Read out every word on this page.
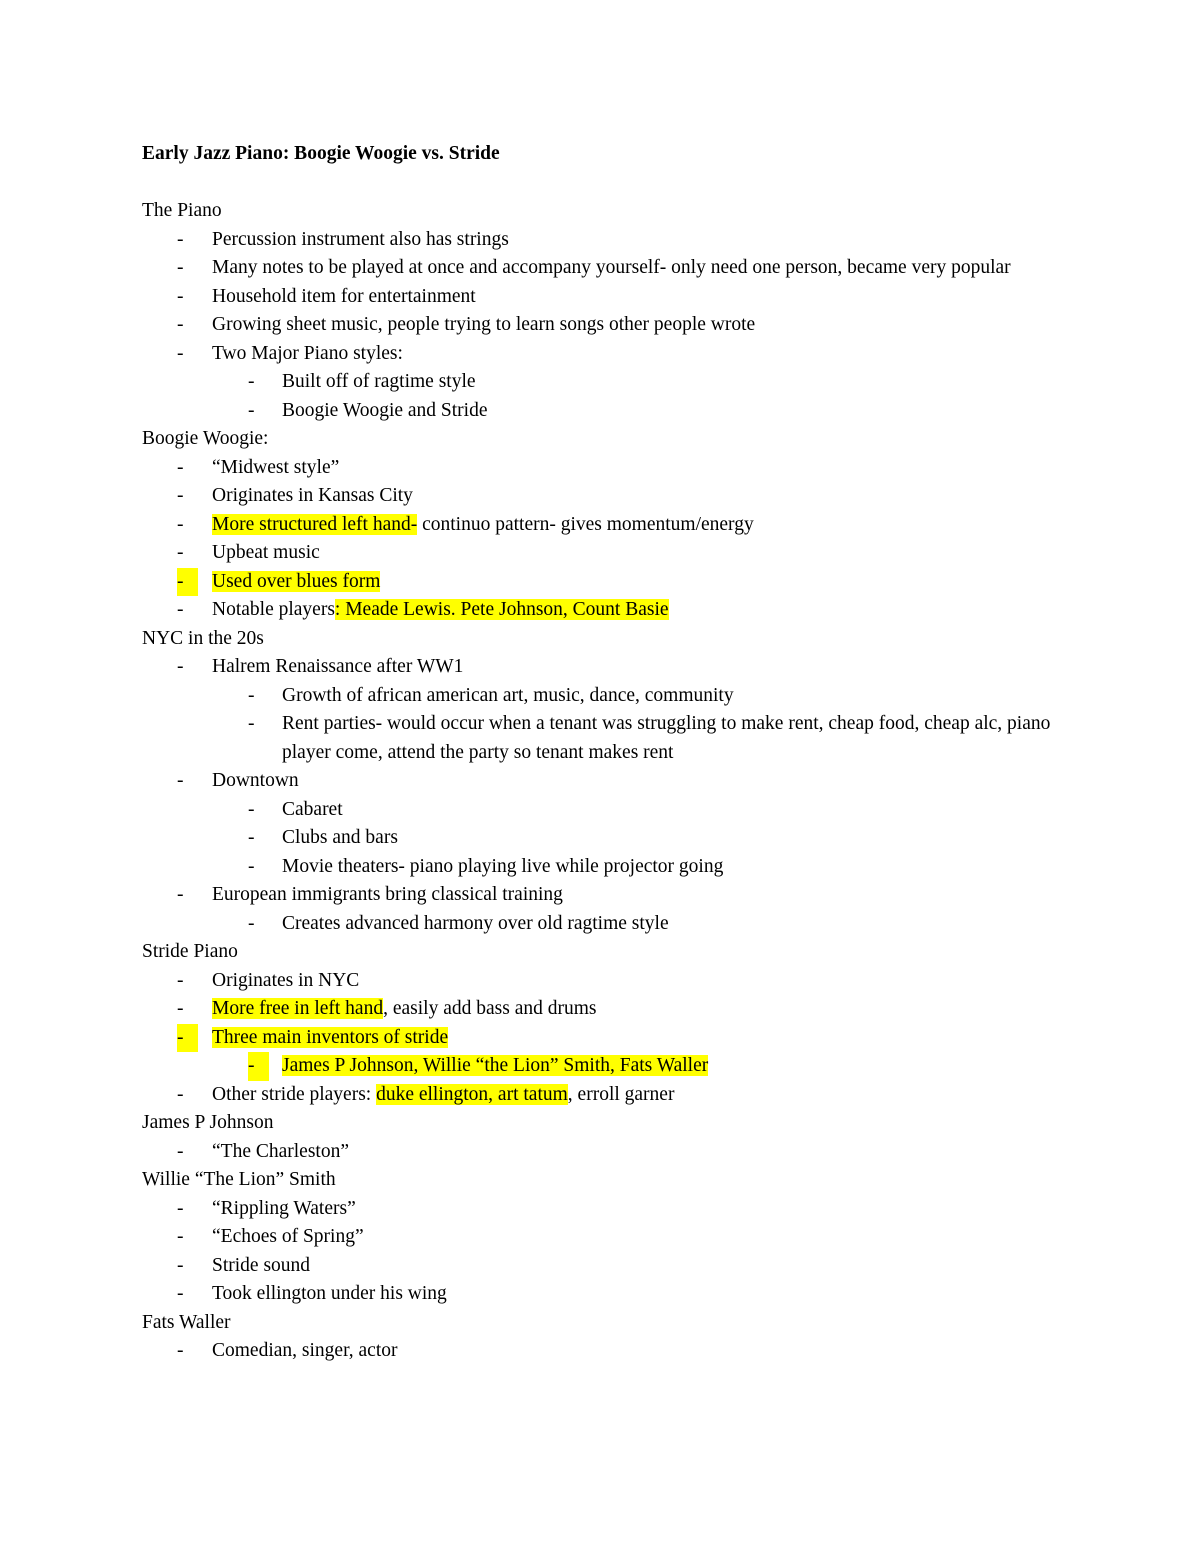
Early Jazz Piano: Boogie Woogie vs. Stride
The Piano
- Percussion instrument also has strings
- Many notes to be played at once and accompany yourself- only need one person, became very popular
- Household item for entertainment
- Growing sheet music, people trying to learn songs other people wrote
- Two Major Piano styles:
- Built off of ragtime style
- Boogie Woogie and Stride
Boogie Woogie:
- “Midwest style”
- Originates in Kansas City
- More structured left hand- continuo pattern- gives momentum/energy
- Upbeat music
-	Used over blues form
- Notable players: Meade Lewis. Pete Johnson, Count Basie
NYC in the 20s
- Halrem Renaissance after WW1
- Growth of african american art, music, dance, community
- Rent parties- would occur when a tenant was struggling to make rent, cheap food, cheap alc, piano player come, attend the party so tenant makes rent
- Downtown
- Cabaret
- Clubs and bars
- Movie theaters- piano playing live while projector going
- European immigrants bring classical training
- Creates advanced harmony over old ragtime style
Stride Piano
- Originates in NYC
- More free in left hand, easily add bass and drums
-	Three main inventors of stride
-	James P Johnson, Willie “the Lion” Smith, Fats Waller
- Other stride players: duke ellington, art tatum, erroll garner
James P Johnson
- “The Charleston”
Willie “The Lion” Smith
- “Rippling Waters”
- “Echoes of Spring”
- Stride sound
- Took ellington under his wing
Fats Waller
- Comedian, singer, actor
